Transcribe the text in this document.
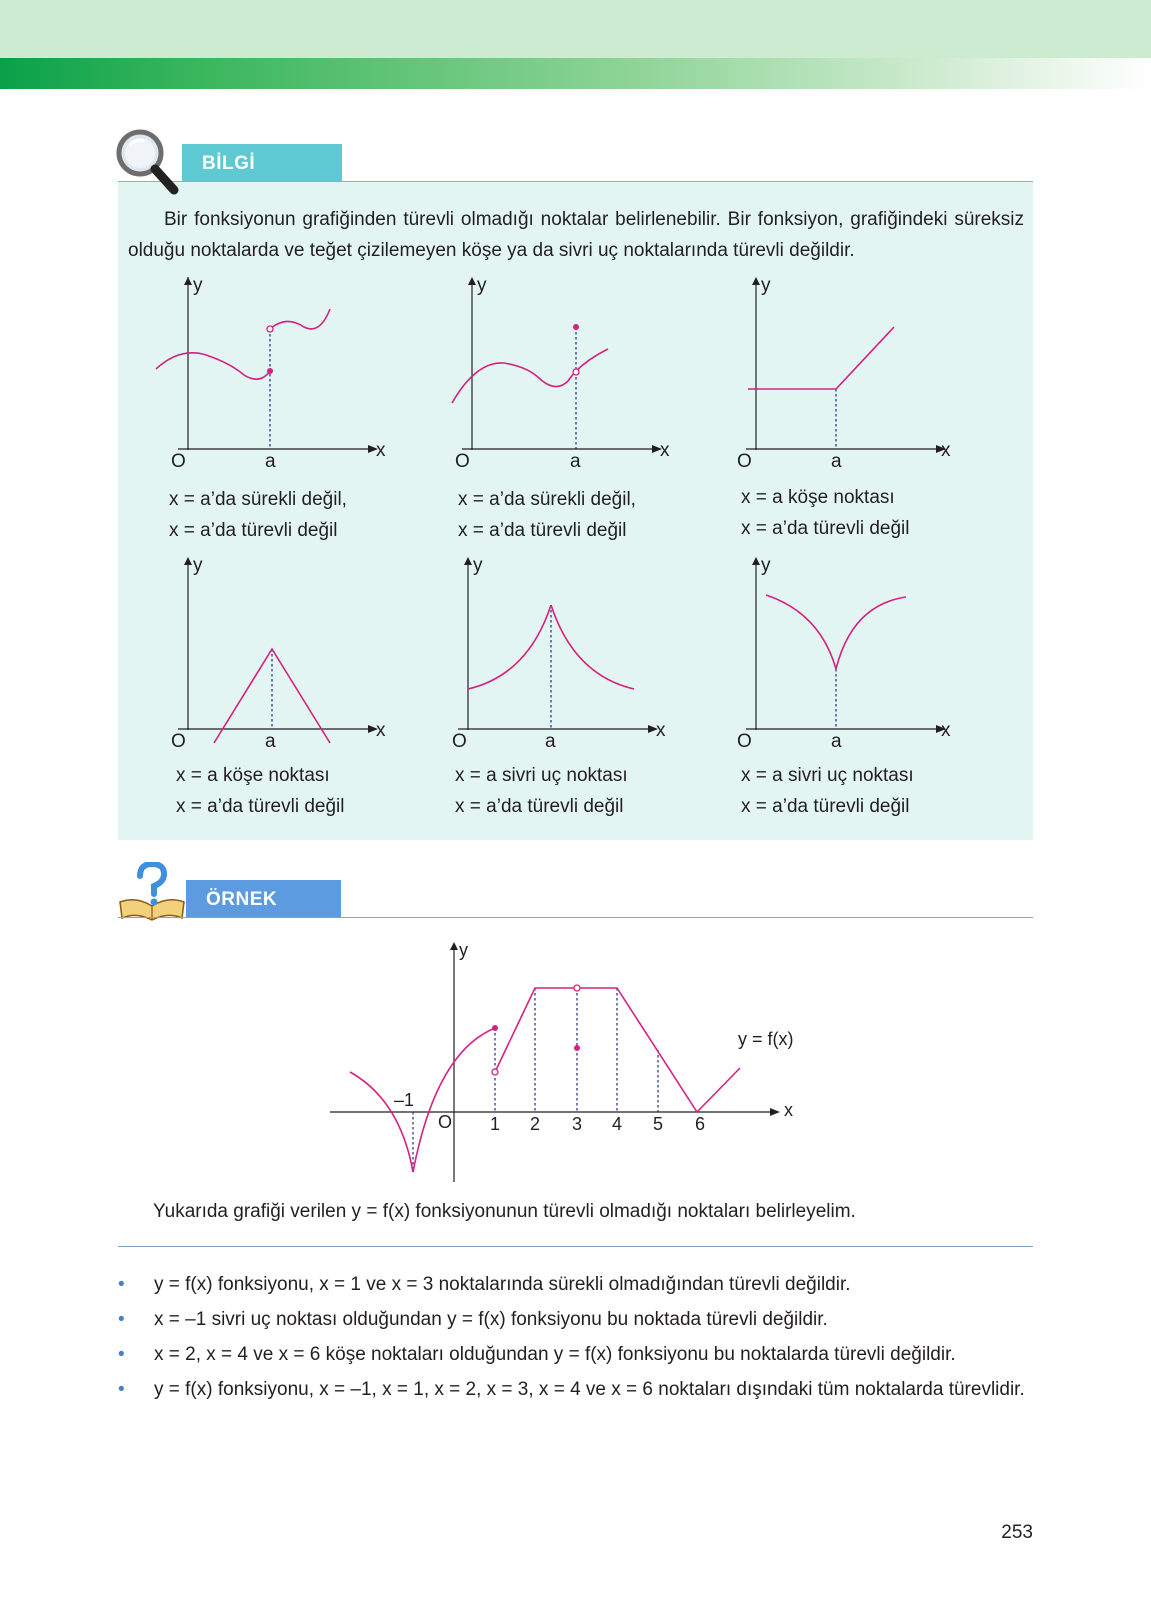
BİLGİ
Bir fonksiyonun grafiğinden türevli olmadığı noktalar belirlenebilir. Bir fonksiyon, grafiğindeki süreksiz olduğu noktalarda ve teğet çizilemeyen köşe ya da sivri uç noktalarında türevli değildir.
y
x
O	a
x = a’da sürekli değil,
x = a’da türevli değil
y
x
O	a
x = a’da sürekli değil,
x = a’da türevli değil
y
x
O	a
x = a köşe noktası
x = a’da türevli değil
y
x
O	a
x = a köşe noktası
x = a’da türevli değil
y
x
O	a
x = a sivri uç noktası
x = a’da türevli değil
y
x
O	a
x = a sivri uç noktası
x = a’da türevli değil
ÖRNEK
y
x
O
–1
1 2 3 4 5 6
y = f(x)
Yukarıda grafiği verilen y = f(x) fonksiyonunun türevli olmadığı noktaları belirleyelim.
• y = f(x) fonksiyonu, x = 1 ve x = 3 noktalarında sürekli olmadığından türevli değildir.
• x = –1 sivri uç noktası olduğundan y = f(x) fonksiyonu bu noktada türevli değildir.
• x = 2, x = 4 ve x = 6 köşe noktaları olduğundan y = f(x) fonksiyonu bu noktalarda türevli değildir.
• y = f(x) fonksiyonu, x = –1, x = 1, x = 2, x = 3, x = 4 ve x = 6 noktaları dışındaki tüm noktalarda türevlidir.
253
